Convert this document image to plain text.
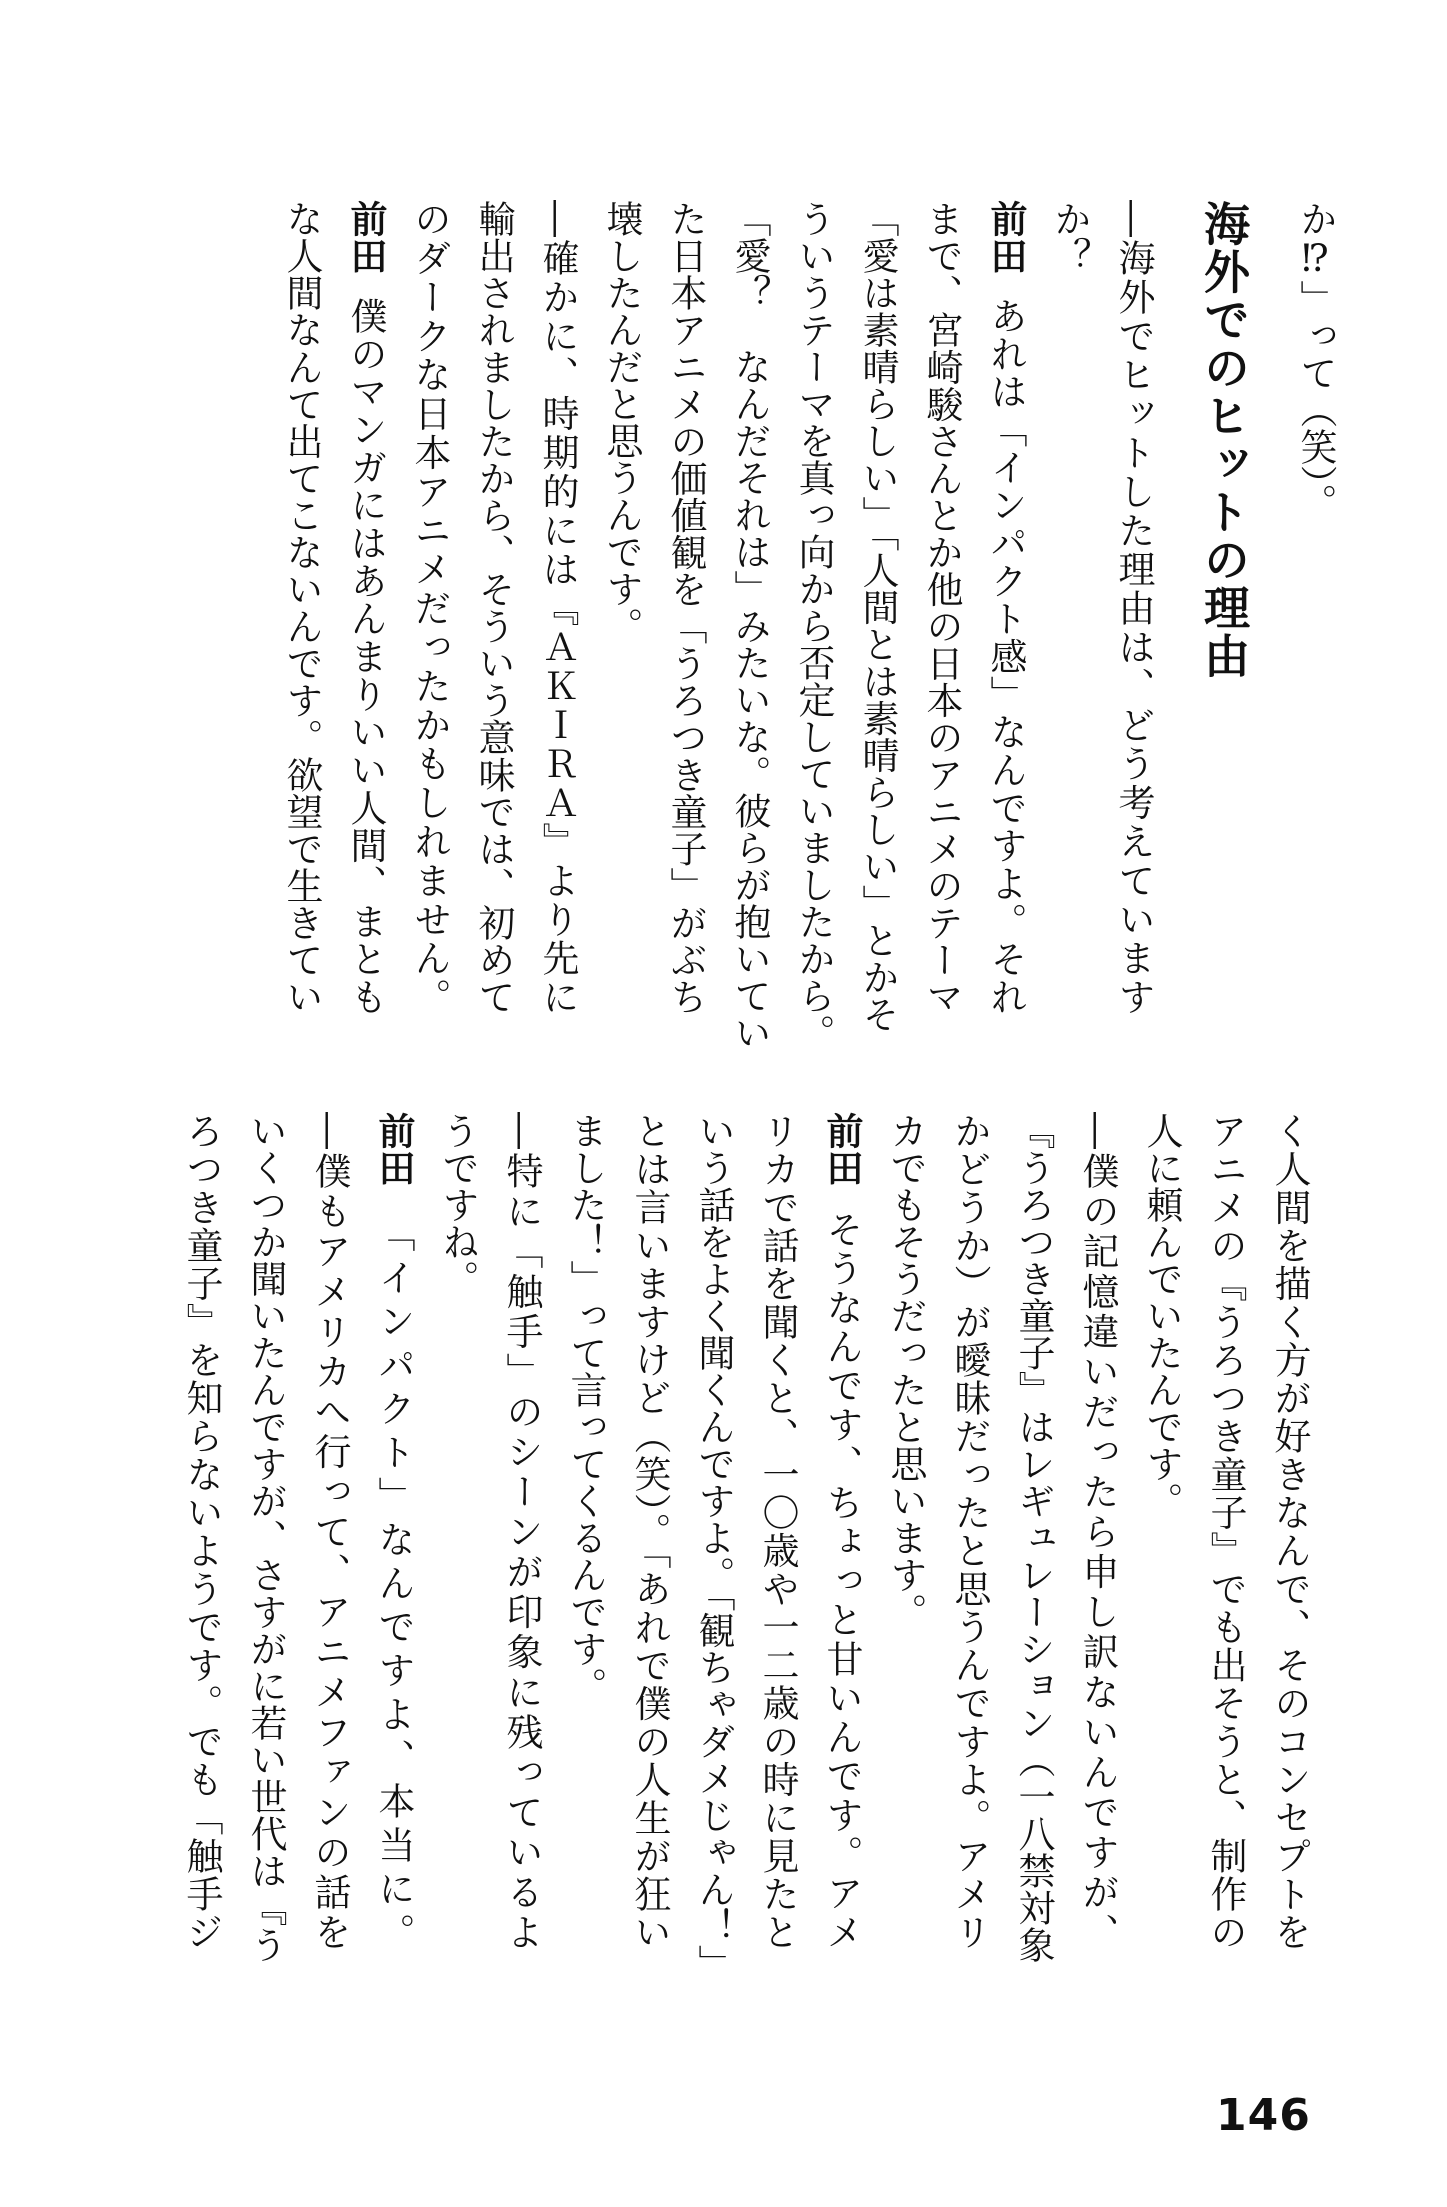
か⁉」って（笑）。
海外でのヒットの理由
―海外でヒットした理由は、どう考えています
か？
前田あれは「インパクト感」なんですよ。それ
まで、宮崎駿さんとか他の日本のアニメのテーマ
「愛は素晴らしい」「人間とは素晴らしい」とかそ
ういうテーマを真っ向から否定していましたから。
「愛？　なんだそれは」みたいな。彼らが抱いてい
た日本アニメの価値観を「うろつき童子」がぶち
壊したんだと思うんです。
―確かに、時期的には『ＡＫＩＲＡ』より先に
輸出されましたから、そういう意味では、初めて
のダークな日本アニメだったかもしれません。
前田僕のマンガにはあんまりいい人間、まとも
な人間なんて出てこないんです。欲望で生きてい
く人間を描く方が好きなんで、そのコンセプトを
アニメの『うろつき童子』でも出そうと、制作の
人に頼んでいたんです。
―僕の記憶違いだったら申し訳ないんですが、
『うろつき童子』はレギュレーション（一八禁対象
かどうか）が曖昧だったと思うんですよ。アメリ
カでもそうだったと思います。
前田そうなんです、ちょっと甘いんです。アメ
リカで話を聞くと、一〇歳や一二歳の時に見たと
いう話をよく聞くんですよ。「観ちゃダメじゃん！」
とは言いますけど（笑）。「あれで僕の人生が狂い
ました！」って言ってくるんです。
―特に「触手」のシーンが印象に残っているよ
うですね。
前田「インパクト」なんですよ、本当に。
―僕もアメリカへ行って、アニメファンの話を
いくつか聞いたんですが、さすがに若い世代は『う
ろつき童子』を知らないようです。でも「触手ジ
146
